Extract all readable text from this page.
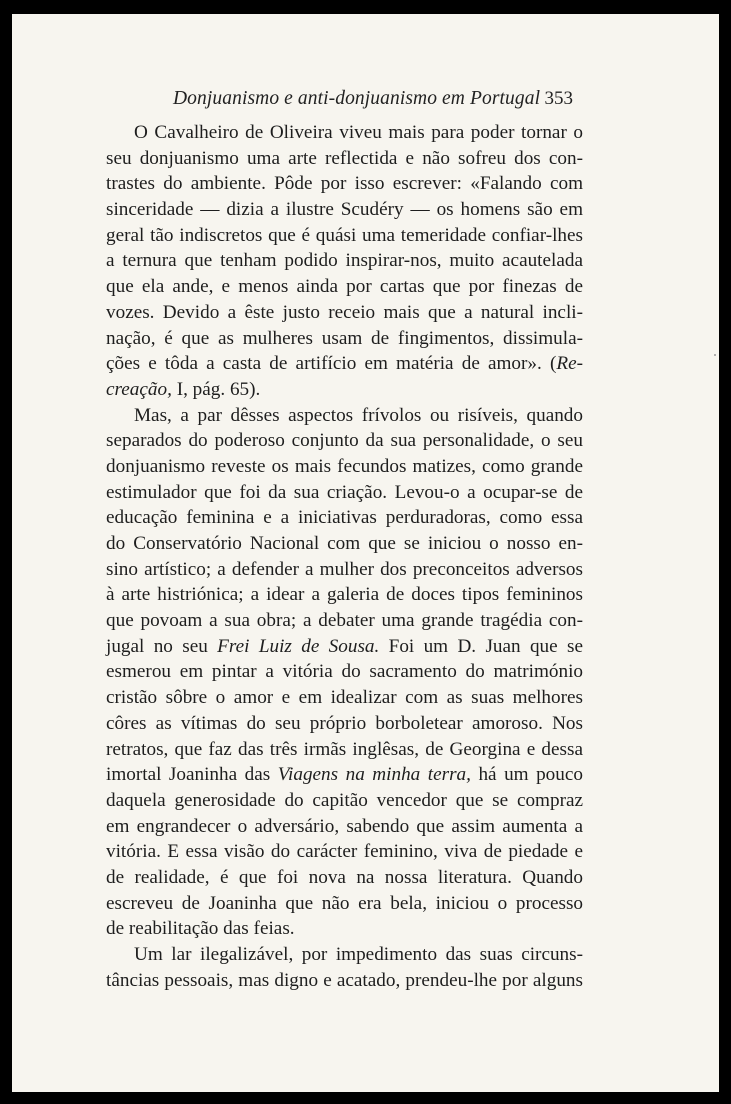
Donjuanismo e anti-donjuanismo em Portugal 353
O Cavalheiro de Oliveira viveu mais para poder tornar o
seu donjuanismo uma arte reflectida e não sofreu dos con-
trastes do ambiente. Pôde por isso escrever: «Falando com
sinceridade — dizia a ilustre Scudéry — os homens são em
geral tão indiscretos que é quási uma temeridade confiar-lhes
a ternura que tenham podido inspirar-nos, muito acautelada
que ela ande, e menos ainda por cartas que por finezas de
vozes. Devido a êste justo receio mais que a natural incli-
nação, é que as mulheres usam de fingimentos, dissimula-
ções e tôda a casta de artifício em matéria de amor». (Re-
creação, I, pág. 65).
Mas, a par dêsses aspectos frívolos ou risíveis, quando
separados do poderoso conjunto da sua personalidade, o seu
donjuanismo reveste os mais fecundos matizes, como grande
estimulador que foi da sua criação. Levou-o a ocupar-se de
educação feminina e a iniciativas perduradoras, como essa
do Conservatório Nacional com que se iniciou o nosso en-
sino artístico; a defender a mulher dos preconceitos adversos
à arte histriónica; a idear a galeria de doces tipos femininos
que povoam a sua obra; a debater uma grande tragédia con-
jugal no seu Frei Luiz de Sousa. Foi um D. Juan que se
esmerou em pintar a vitória do sacramento do matrimónio
cristão sôbre o amor e em idealizar com as suas melhores
côres as vítimas do seu próprio borboletear amoroso. Nos
retratos, que faz das três irmãs inglêsas, de Georgina e dessa
imortal Joaninha das Viagens na minha terra, há um pouco
daquela generosidade do capitão vencedor que se compraz
em engrandecer o adversário, sabendo que assim aumenta a
vitória. E essa visão do carácter feminino, viva de piedade e
de realidade, é que foi nova na nossa literatura. Quando
escreveu de Joaninha que não era bela, iniciou o processo
de reabilitação das feias.
Um lar ilegalizável, por impedimento das suas circuns-
tâncias pessoais, mas digno e acatado, prendeu-lhe por alguns
